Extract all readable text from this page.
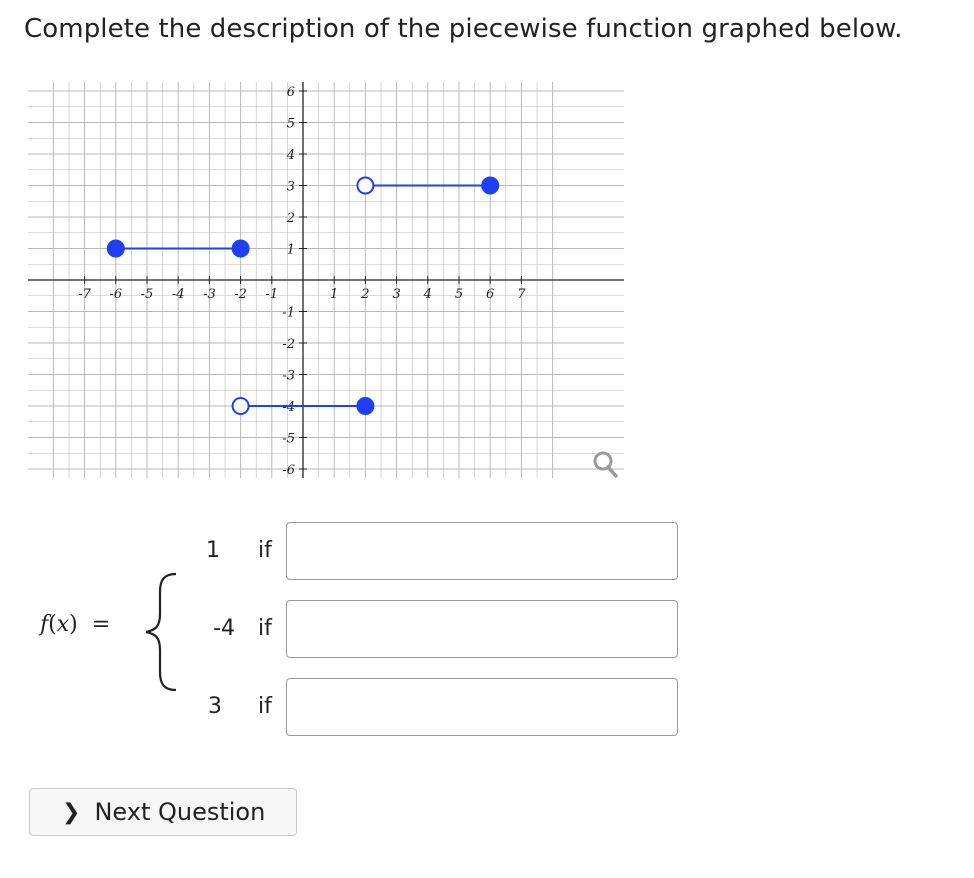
Complete the description of the piecewise function graphed below.
-7 -6 -5 -4 -3 -2 -1	1 2 3 4 5 6 7
6
5
4
3
2
1
-1
-2
-3
-4
-5
-6
f(x)  =
1 if
-4 if
3 if
❯ Next Question
